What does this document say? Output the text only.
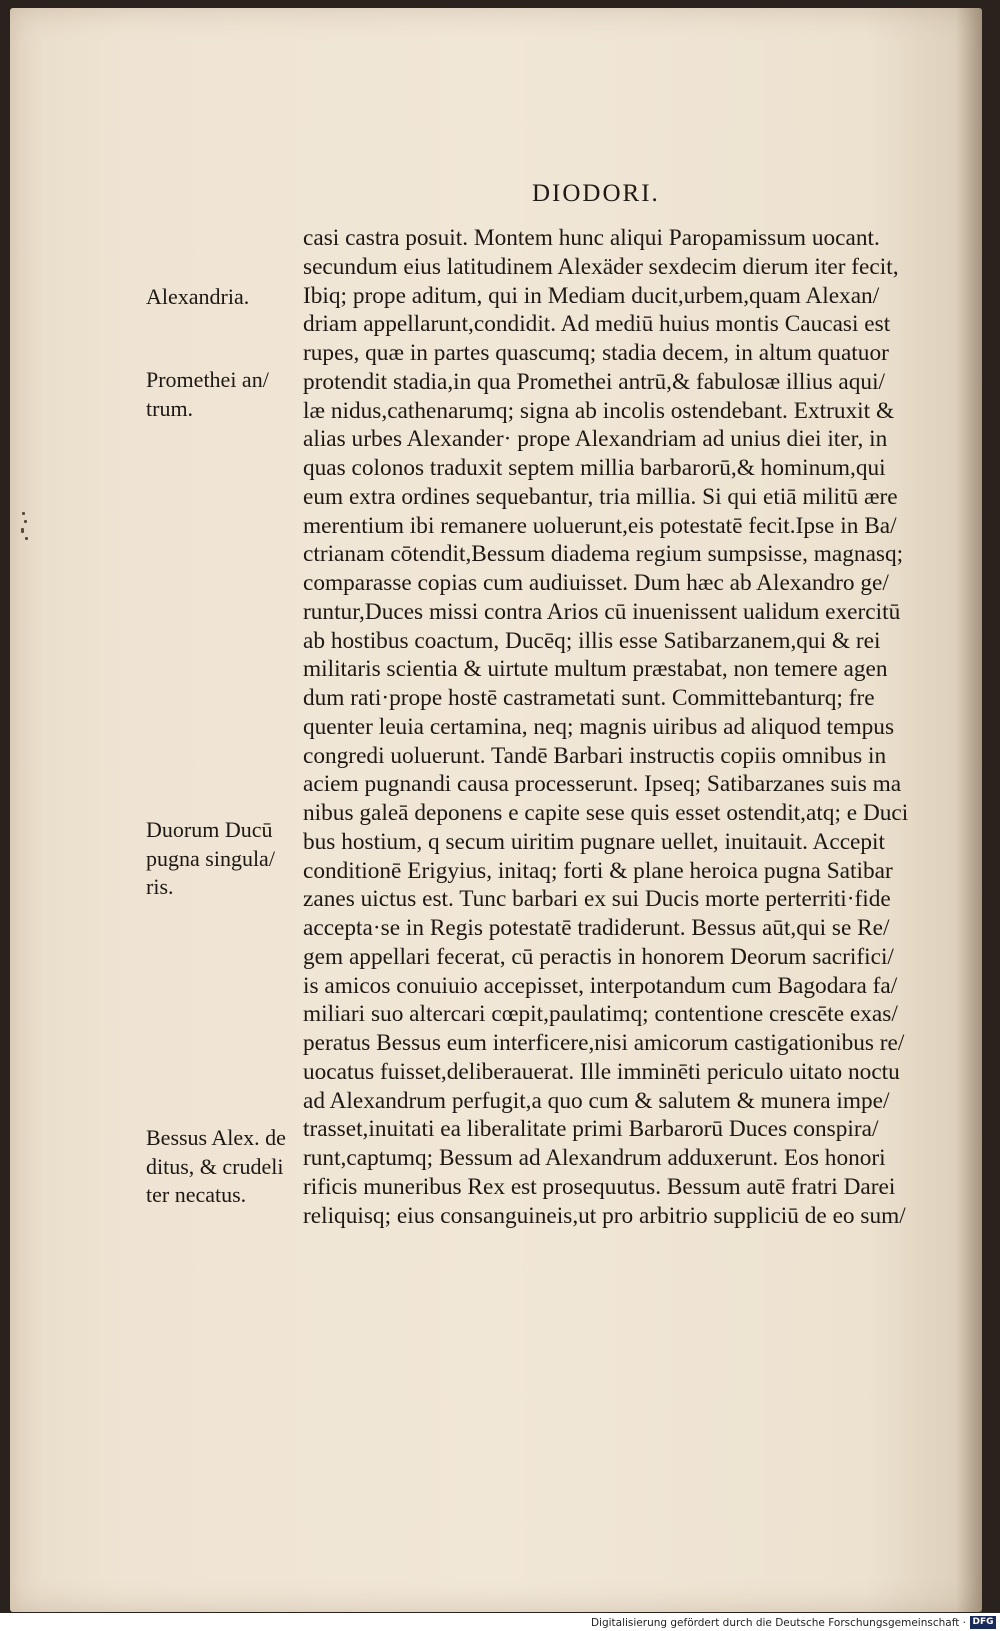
DIODORI.
casi castra posuit. Montem hunc aliqui Paropamissum uocant.
secundum eius latitudinem Alexäder sexdecim dierum iter fecit,
Ibiq; prope aditum, qui in Mediam ducit,urbem,quam Alexan/
driam appellarunt,condidit. Ad mediū huius montis Caucasi est
rupes, quæ in partes quascumq; stadia decem, in altum quatuor
protendit stadia,in qua Promethei antrū,& fabulosæ illius aqui/
læ nidus,cathenarumq; signa ab incolis ostendebant. Extruxit &
alias urbes Alexander· prope Alexandriam ad unius diei iter, in
quas colonos traduxit septem millia barbarorū,& hominum,qui
eum extra ordines sequebantur, tria millia. Si qui etiā militū ære
merentium ibi remanere uoluerunt,eis potestatē fecit.Ipse in Ba/
ctrianam cōtendit,Bessum diadema regium sumpsisse, magnasq;
comparasse copias cum audiuisset. Dum hæc ab Alexandro ge/
runtur,Duces missi contra Arios cū inuenissent ualidum exercitū
ab hostibus coactum, Ducēq; illis esse Satibarzanem,qui & rei
militaris scientia & uirtute multum præstabat, non temere agen
dum rati·prope hostē castrametati sunt. Committebanturq; fre
quenter leuia certamina, neq; magnis uiribus ad aliquod tempus
congredi uoluerunt. Tandē Barbari instructis copiis omnibus in
aciem pugnandi causa processerunt. Ipseq; Satibarzanes suis ma
nibus galeā deponens e capite sese quis esset ostendit,atq; e Duci
bus hostium, q secum uiritim pugnare uellet, inuitauit. Accepit
conditionē Erigyius, initaq; forti & plane heroica pugna Satibar
zanes uictus est. Tunc barbari ex sui Ducis morte perterriti·fide
accepta·se in Regis potestatē tradiderunt. Bessus aūt,qui se Re/
gem appellari fecerat, cū peractis in honorem Deorum sacrifici/
is amicos conuiuio accepisset, interpotandum cum Bagodara fa/
miliari suo altercari cœpit,paulatimq; contentione crescēte exas/
peratus Bessus eum interficere,nisi amicorum castigationibus re/
uocatus fuisset,deliberauerat. Ille imminēti periculo uitato noctu
ad Alexandrum perfugit,a quo cum & salutem & munera impe/
trasset,inuitati ea liberalitate primi Barbarorū Duces conspira/
runt,captumq; Bessum ad Alexandrum adduxerunt. Eos honori
rificis muneribus Rex est prosequutus. Bessum autē fratri Darei
reliquisq; eius consanguineis,ut pro arbitrio suppliciū de eo sum/
Alexandria.
Promethei an/
trum.
Duorum Ducū
pugna singula/
ris.
Bessus Alex. de
ditus, & crudeli
ter necatus.
Digitalisierung gefördert durch die Deutsche Forschungsgemeinschaft · DFG
